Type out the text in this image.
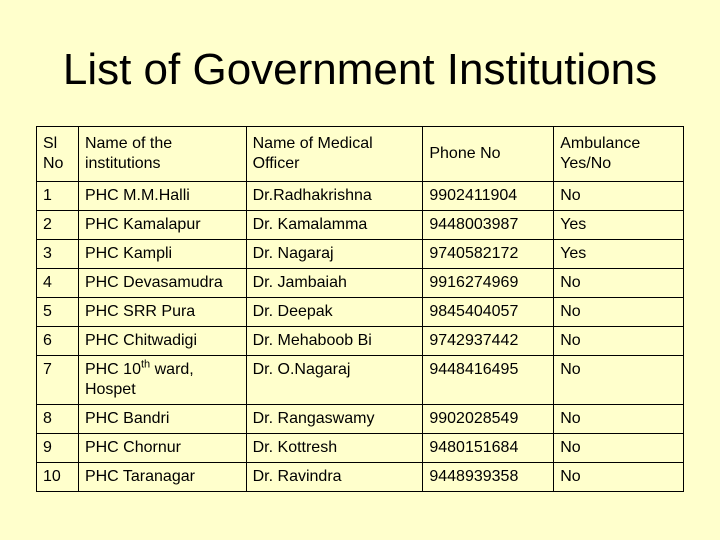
List of Government Institutions
Sl No	Name of the institutions	Name of Medical Officer	Phone No	Ambulance Yes/No
1	PHC M.M.Halli	Dr.Radhakrishna	9902411904	No
2	PHC Kamalapur	Dr. Kamalamma	9448003987	Yes
3	PHC Kampli	Dr. Nagaraj	9740582172	Yes
4	PHC Devasamudra	Dr. Jambaiah	9916274969	No
5	PHC SRR Pura	Dr. Deepak	9845404057	No
6	PHC Chitwadigi	Dr. Mehaboob Bi	9742937442	No
7	PHC 10th ward, Hospet	Dr. O.Nagaraj	9448416495	No
8	PHC Bandri	Dr. Rangaswamy	9902028549	No
9	PHC Chornur	Dr. Kottresh	9480151684	No
10	PHC Taranagar	Dr. Ravindra	9448939358	No
